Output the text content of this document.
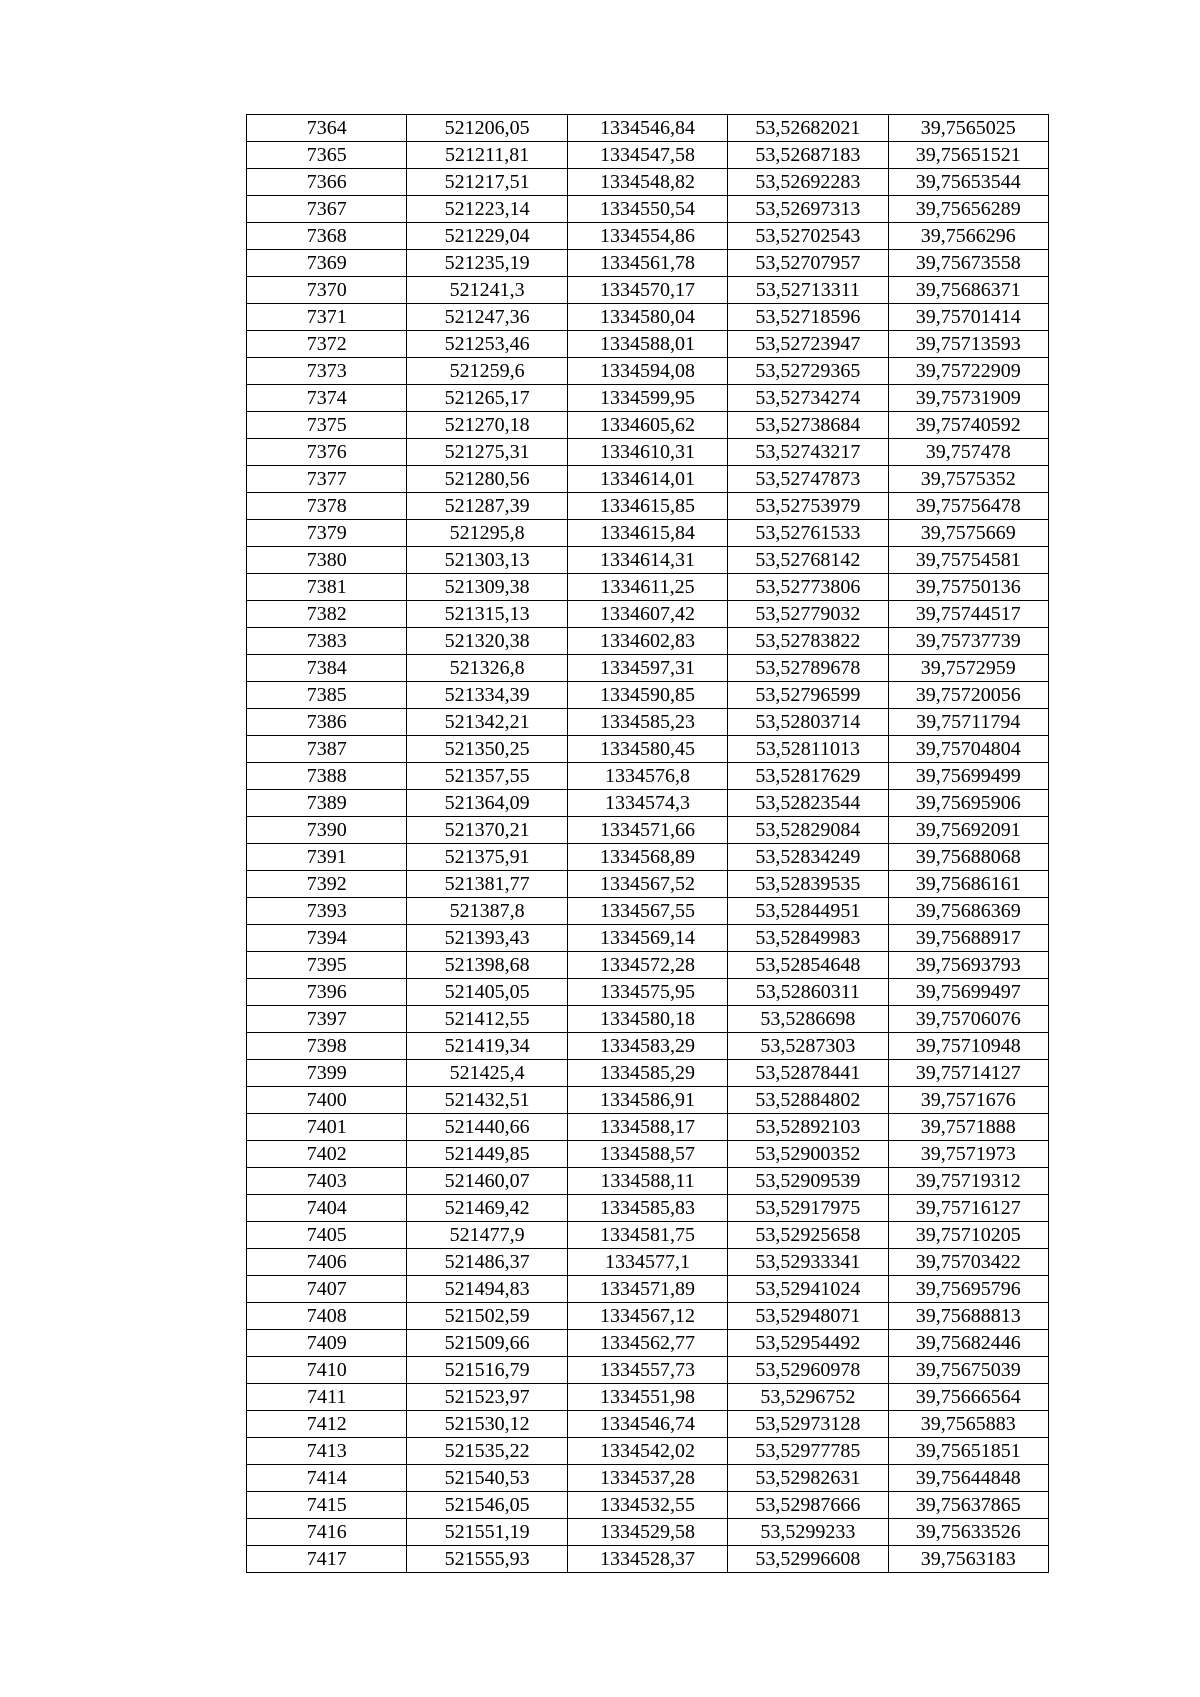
7364	521206,05	1334546,84	53,52682021	39,7565025
7365	521211,81	1334547,58	53,52687183	39,75651521
7366	521217,51	1334548,82	53,52692283	39,75653544
7367	521223,14	1334550,54	53,52697313	39,75656289
7368	521229,04	1334554,86	53,52702543	39,7566296
7369	521235,19	1334561,78	53,52707957	39,75673558
7370	521241,3	1334570,17	53,52713311	39,75686371
7371	521247,36	1334580,04	53,52718596	39,75701414
7372	521253,46	1334588,01	53,52723947	39,75713593
7373	521259,6	1334594,08	53,52729365	39,75722909
7374	521265,17	1334599,95	53,52734274	39,75731909
7375	521270,18	1334605,62	53,52738684	39,75740592
7376	521275,31	1334610,31	53,52743217	39,757478
7377	521280,56	1334614,01	53,52747873	39,7575352
7378	521287,39	1334615,85	53,52753979	39,75756478
7379	521295,8	1334615,84	53,52761533	39,7575669
7380	521303,13	1334614,31	53,52768142	39,75754581
7381	521309,38	1334611,25	53,52773806	39,75750136
7382	521315,13	1334607,42	53,52779032	39,75744517
7383	521320,38	1334602,83	53,52783822	39,75737739
7384	521326,8	1334597,31	53,52789678	39,7572959
7385	521334,39	1334590,85	53,52796599	39,75720056
7386	521342,21	1334585,23	53,52803714	39,75711794
7387	521350,25	1334580,45	53,52811013	39,75704804
7388	521357,55	1334576,8	53,52817629	39,75699499
7389	521364,09	1334574,3	53,52823544	39,75695906
7390	521370,21	1334571,66	53,52829084	39,75692091
7391	521375,91	1334568,89	53,52834249	39,75688068
7392	521381,77	1334567,52	53,52839535	39,75686161
7393	521387,8	1334567,55	53,52844951	39,75686369
7394	521393,43	1334569,14	53,52849983	39,75688917
7395	521398,68	1334572,28	53,52854648	39,75693793
7396	521405,05	1334575,95	53,52860311	39,75699497
7397	521412,55	1334580,18	53,5286698	39,75706076
7398	521419,34	1334583,29	53,5287303	39,75710948
7399	521425,4	1334585,29	53,52878441	39,75714127
7400	521432,51	1334586,91	53,52884802	39,7571676
7401	521440,66	1334588,17	53,52892103	39,7571888
7402	521449,85	1334588,57	53,52900352	39,7571973
7403	521460,07	1334588,11	53,52909539	39,75719312
7404	521469,42	1334585,83	53,52917975	39,75716127
7405	521477,9	1334581,75	53,52925658	39,75710205
7406	521486,37	1334577,1	53,52933341	39,75703422
7407	521494,83	1334571,89	53,52941024	39,75695796
7408	521502,59	1334567,12	53,52948071	39,75688813
7409	521509,66	1334562,77	53,52954492	39,75682446
7410	521516,79	1334557,73	53,52960978	39,75675039
7411	521523,97	1334551,98	53,5296752	39,75666564
7412	521530,12	1334546,74	53,52973128	39,7565883
7413	521535,22	1334542,02	53,52977785	39,75651851
7414	521540,53	1334537,28	53,52982631	39,75644848
7415	521546,05	1334532,55	53,52987666	39,75637865
7416	521551,19	1334529,58	53,5299233	39,75633526
7417	521555,93	1334528,37	53,52996608	39,7563183
